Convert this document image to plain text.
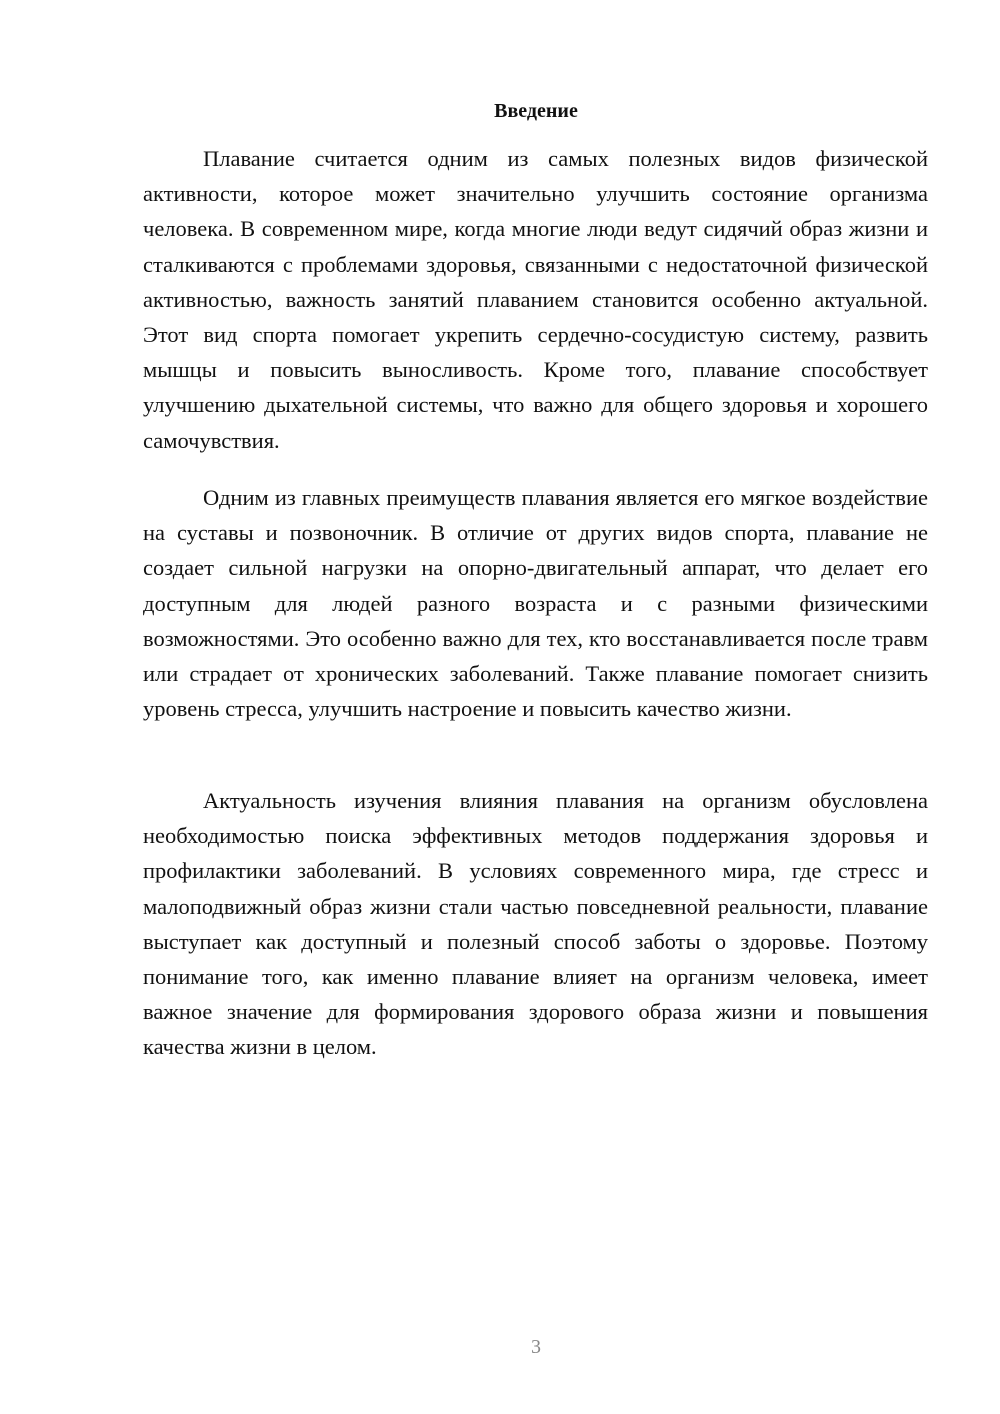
Введение

Плавание считается одним из самых полезных видов физической активности, которое может значительно улучшить состояние организма человека. В современном мире, когда многие люди ведут сидячий образ жизни и сталкиваются с проблемами здоровья, связанными с недостаточной физической активностью, важность занятий плаванием становится особенно актуальной. Этот вид спорта помогает укрепить сердечно-сосудистую систему, развить мышцы и повысить выносливость. Кроме того, плавание способствует улучшению дыхательной системы, что важно для общего здоровья и хорошего самочувствия.

Одним из главных преимуществ плавания является его мягкое воздействие на суставы и позвоночник. В отличие от других видов спорта, плавание не создает сильной нагрузки на опорно-двигательный аппарат, что делает его доступным для людей разного возраста и с разными физическими возможностями. Это особенно важно для тех, кто восстанавливается после травм или страдает от хронических заболеваний. Также плавание помогает снизить уровень стресса, улучшить настроение и повысить качество жизни.

Актуальность изучения влияния плавания на организм обусловлена необходимостью поиска эффективных методов поддержания здоровья и профилактики заболеваний. В условиях современного мира, где стресс и малоподвижный образ жизни стали частью повседневной реальности, плавание выступает как доступный и полезный способ заботы о здоровье. Поэтому понимание того, как именно плавание влияет на организм человека, имеет важное значение для формирования здорового образа жизни и повышения качества жизни в целом.

3
